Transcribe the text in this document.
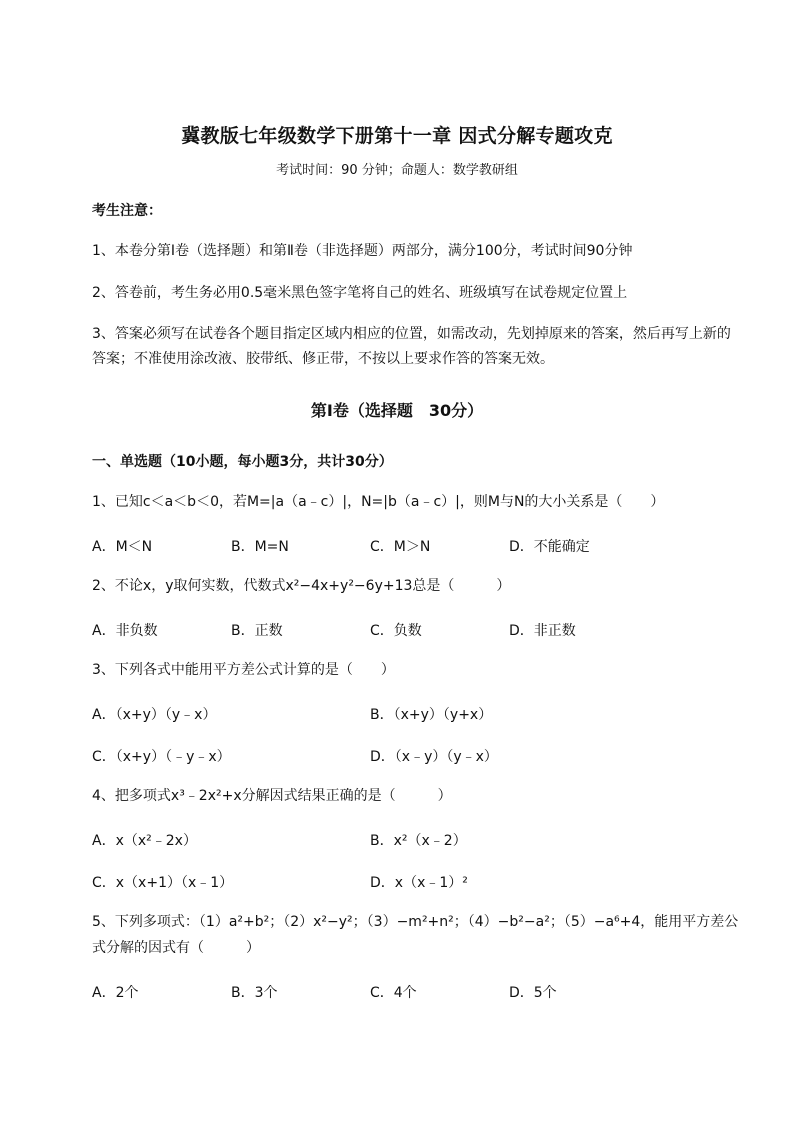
冀教版七年级数学下册第十一章 因式分解专题攻克
考试时间：90 分钟；命题人：数学教研组
考生注意：
1、本卷分第Ⅰ卷（选择题）和第Ⅱ卷（非选择题）两部分，满分100分，考试时间90分钟
2、答卷前，考生务必用0.5毫米黑色签字笔将自己的姓名、班级填写在试卷规定位置上
3、答案必须写在试卷各个题目指定区域内相应的位置，如需改动，先划掉原来的答案，然后再写上新的答案；不准使用涂改液、胶带纸、修正带，不按以上要求作答的答案无效。
第Ⅰ卷（选择题　30分）
一、单选题（10小题，每小题3分，共计30分）
1、已知c＜a＜b＜0，若M=|a（a﹣c）|，N=|b（a﹣c）|，则M与N的大小关系是（　　）
A．M＜N	B．M=N	C．M＞N	D．不能确定
2、不论x，y取何实数，代数式x²−4x+y²−6y+13总是（　　　）
A．非负数	B．正数	C．负数	D．非正数
3、下列各式中能用平方差公式计算的是（　　）
A．（x+y）（y﹣x）	B．（x+y）（y+x）
C．（x+y）（﹣y﹣x）	D．（x﹣y）（y﹣x）
4、把多项式x³﹣2x²+x分解因式结果正确的是（　　　）
A．x（x²﹣2x）	B．x²（x﹣2）
C．x（x+1）（x﹣1）	D．x（x﹣1）²
5、下列多项式：（1）a²+b²；（2）x²−y²；（3）−m²+n²；（4）−b²−a²；（5）−a⁶+4，能用平方差公式分解的因式有（　　　）
A．2个	B．3个	C．4个	D．5个
